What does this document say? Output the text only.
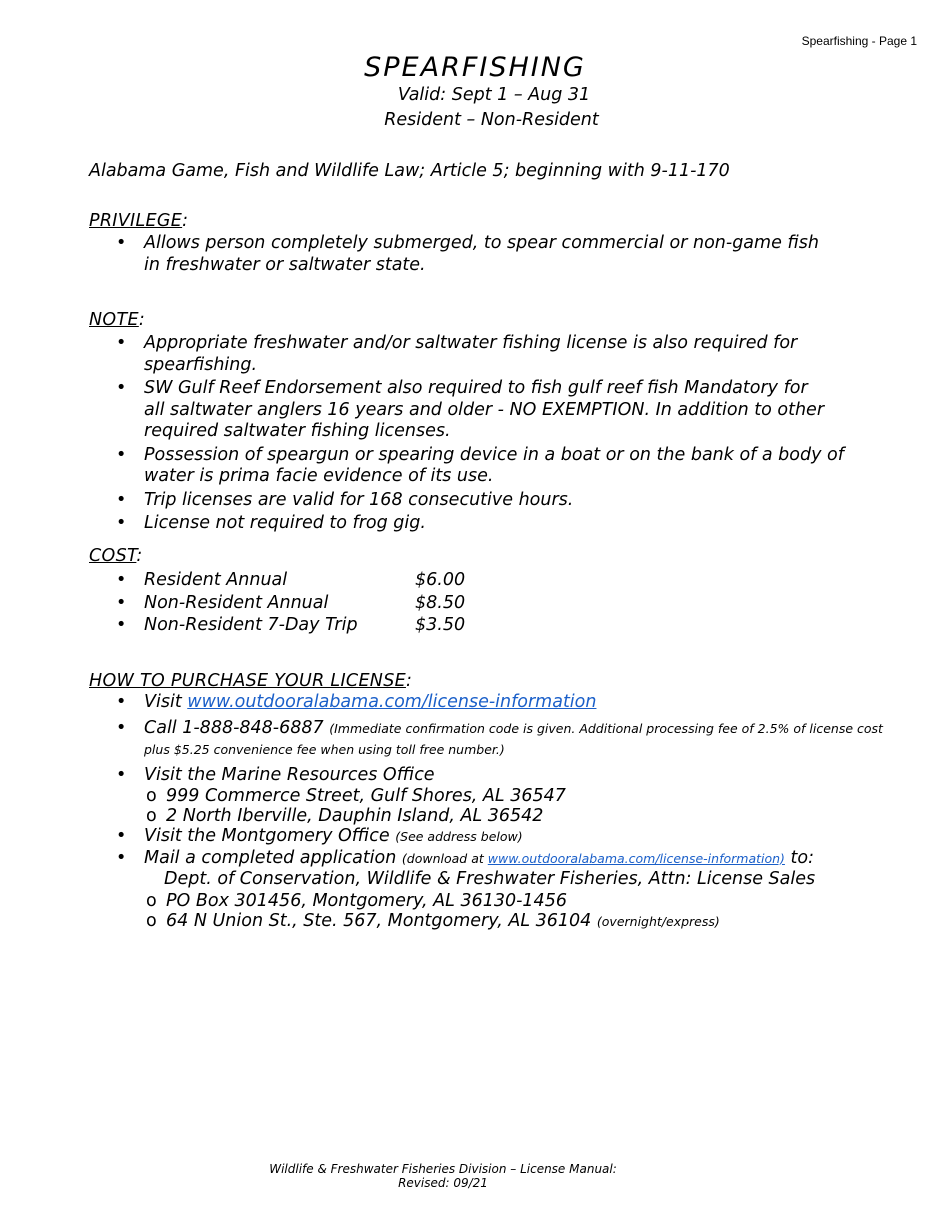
Spearfishing - Page 1
SPEARFISHING
Valid: Sept 1 – Aug 31
Resident – Non-Resident
Alabama Game, Fish and Wildlife Law; Article 5; beginning with 9-11-170
PRIVILEGE:
• Allows person completely submerged, to spear commercial or non-game fish in freshwater or saltwater state.
NOTE:
• Appropriate freshwater and/or saltwater fishing license is also required for spearfishing.
• SW Gulf Reef Endorsement also required to fish gulf reef fish Mandatory for all saltwater anglers 16 years and older - NO EXEMPTION. In addition to other required saltwater fishing licenses.
• Possession of speargun or spearing device in a boat or on the bank of a body of water is prima facie evidence of its use.
• Trip licenses are valid for 168 consecutive hours.
• License not required to frog gig.
COST:
• Resident Annual	$6.00
• Non-Resident Annual	$8.50
• Non-Resident 7-Day Trip	$3.50
HOW TO PURCHASE YOUR LICENSE:
• Visit www.outdooralabama.com/license-information
• Call 1-888-848-6887 (Immediate confirmation code is given. Additional processing fee of 2.5% of license cost plus $5.25 convenience fee when using toll free number.)
• Visit the Marine Resources Office
o 999 Commerce Street, Gulf Shores, AL 36547
o 2 North Iberville, Dauphin Island, AL 36542
• Visit the Montgomery Office (See address below)
• Mail a completed application (download at www.outdooralabama.com/license-information) to:
Dept. of Conservation, Wildlife & Freshwater Fisheries, Attn: License Sales
o PO Box 301456, Montgomery, AL 36130-1456
o 64 N Union St., Ste. 567, Montgomery, AL 36104 (overnight/express)
Wildlife & Freshwater Fisheries Division – License Manual:
Revised: 09/21
